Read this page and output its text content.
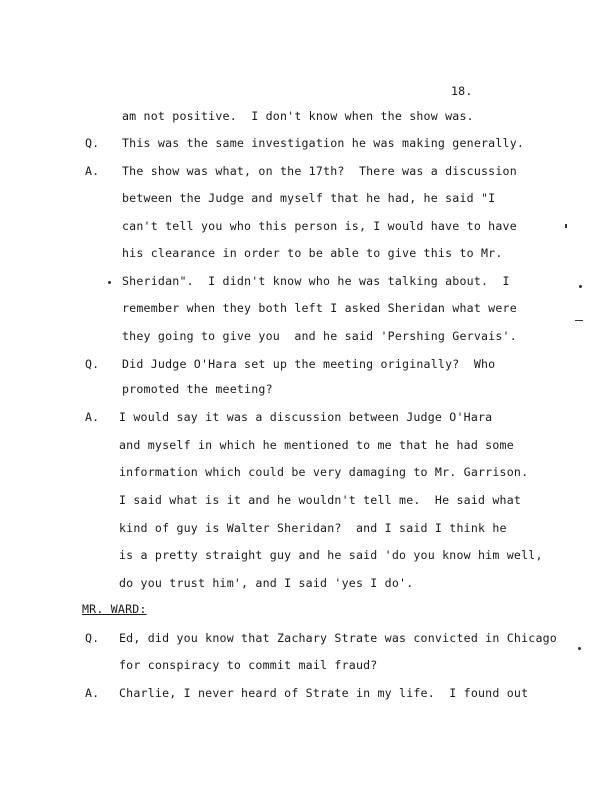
18.
am not positive.  I don't know when the show was.
Q. This was the same investigation he was making generally.
A. The show was what, on the 17th?  There was a discussion
between the Judge and myself that he had, he said "I
can't tell you who this person is, I would have to have
his clearance in order to be able to give this to Mr.
Sheridan".  I didn't know who he was talking about.  I
remember when they both left I asked Sheridan what were
they going to give you  and he said 'Pershing Gervais'.
Q. Did Judge O'Hara set up the meeting originally?  Who
promoted the meeting?
A. I would say it was a discussion between Judge O'Hara
and myself in which he mentioned to me that he had some
information which could be very damaging to Mr. Garrison.
I said what is it and he wouldn't tell me.  He said what
kind of guy is Walter Sheridan?  and I said I think he
is a pretty straight guy and he said 'do you know him well,
do you trust him', and I said 'yes I do'.
MR. WARD:
Q. Ed, did you know that Zachary Strate was convicted in Chicago
for conspiracy to commit mail fraud?
A. Charlie, I never heard of Strate in my life.  I found out
